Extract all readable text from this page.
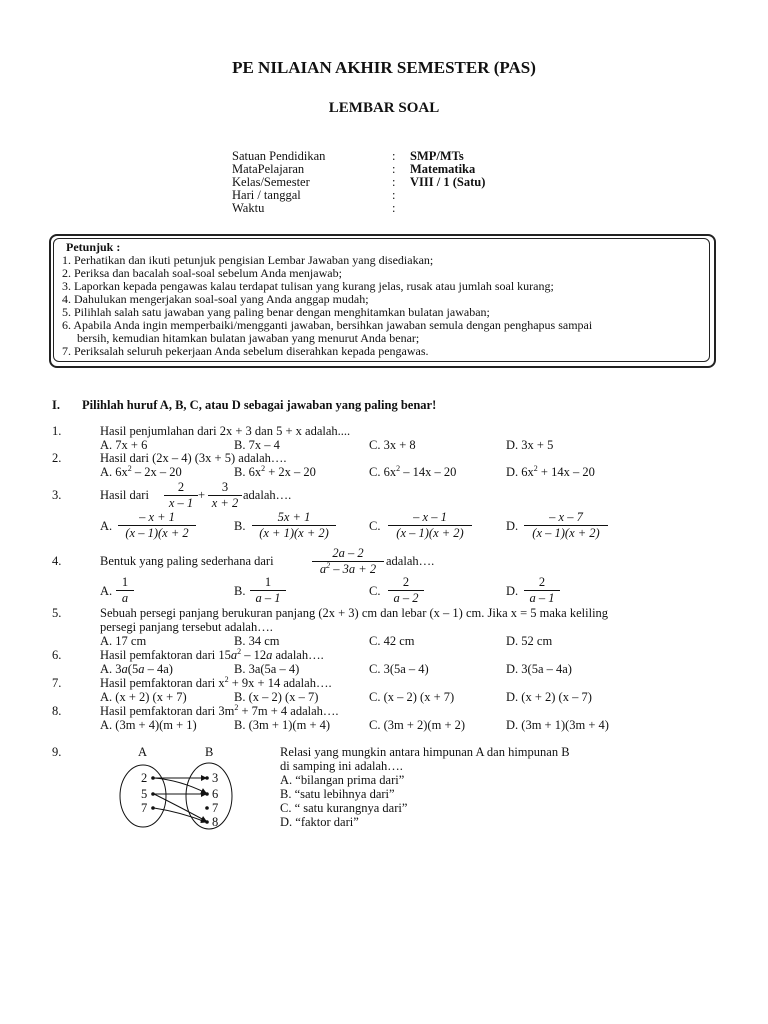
PE NILAIAN AKHIR SEMESTER (PAS)
LEMBAR SOAL
Satuan Pendidikan	: SMP/MTs
MataPelajaran	: Matematika
Kelas/Semester	: VIII / 1 (Satu)
Hari / tanggal	:
Waktu	:
Petunjuk :
1. Perhatikan dan ikuti petunjuk pengisian Lembar Jawaban yang disediakan;
2. Periksa dan bacalah soal-soal sebelum Anda menjawab;
3. Laporkan kepada pengawas kalau terdapat tulisan yang kurang jelas, rusak atau jumlah soal kurang;
4. Dahulukan mengerjakan soal-soal yang Anda anggap mudah;
5. Pilihlah salah satu jawaban yang paling benar dengan menghitamkan bulatan jawaban;
6. Apabila Anda ingin memperbaiki/mengganti jawaban, bersihkan jawaban semula dengan penghapus sampai
bersih, kemudian hitamkan bulatan jawaban yang menurut Anda benar;
7. Periksalah seluruh pekerjaan Anda sebelum diserahkan kepada pengawas.
I. Pilihlah huruf A, B, C, atau D sebagai jawaban yang paling benar!
1.	Hasil penjumlahan dari 2x + 3 dan 5 + x adalah....
A. 7x + 6	B. 7x – 4	C. 3x + 8	D. 3x + 5
2.	Hasil dari (2x – 4) (3x + 5) adalah….
A. $6x^2 - 2x - 20$	B. $6x^2 + 2x - 20$	C. $6x^2 - 14x - 20$	D. $6x^2 + 14x - 20$
3.	Hasil dari $\frac{2}{x - 1} + \frac{3}{x + 2}$ adalah….
A. $\frac{- x + 1}{(x - 1)(x + 2}$	B. $\frac{5x + 1}{(x + 1)(x + 2)}$	C. $\frac{- x - 1}{(x - 1)(x + 2)}$	D. $\frac{- x - 7}{(x - 1)(x + 2)}$
4.	Bentuk yang paling sederhana dari	$\frac{2a - 2}{a^2 - 3a + 2}$ adalah….
A. $\frac{1}{a}$	B. $\frac{1}{a - 1}$	C. $\frac{2}{a - 2}$	D. $\frac{2}{a - 1}$
5.	Sebuah persegi panjang berukuran panjang (2x + 3) cm dan lebar (x – 1) cm. Jika x = 5 maka keliling
persegi panjang tersebut adalah….
A. 17 cm	B. 34 cm	C. 42 cm	D. 52 cm
6.	Hasil pemfaktoran dari $15a^2 - 12a$ adalah….
A. 3a(5a – 4a)	B. 3a(5a – 4)	C. 3(5a – 4)	D. 3(5a – 4a)
7.	Hasil pemfaktoran dari $x^2 + 9x + 14$ adalah….
A. (x + 2) (x + 7)	B. (x – 2) (x – 7)	C. (x – 2) (x + 7)	D. (x + 2) (x – 7)
8.	Hasil pemfaktoran dari $3m^2 + 7m + 4$ adalah….
A. (3m + 4)(m + 1)	B. (3m + 1)(m + 4)	C. (3m + 2)(m + 2)	D. (3m + 1)(3m + 4)
9.	A	B
2
5
7
3
6
7
8
Relasi yang mungkin antara himpunan A dan himpunan B
di samping ini adalah….
A. “bilangan prima dari”
B. “satu lebihnya dari”
C. “ satu kurangnya dari”
D. “faktor dari”
